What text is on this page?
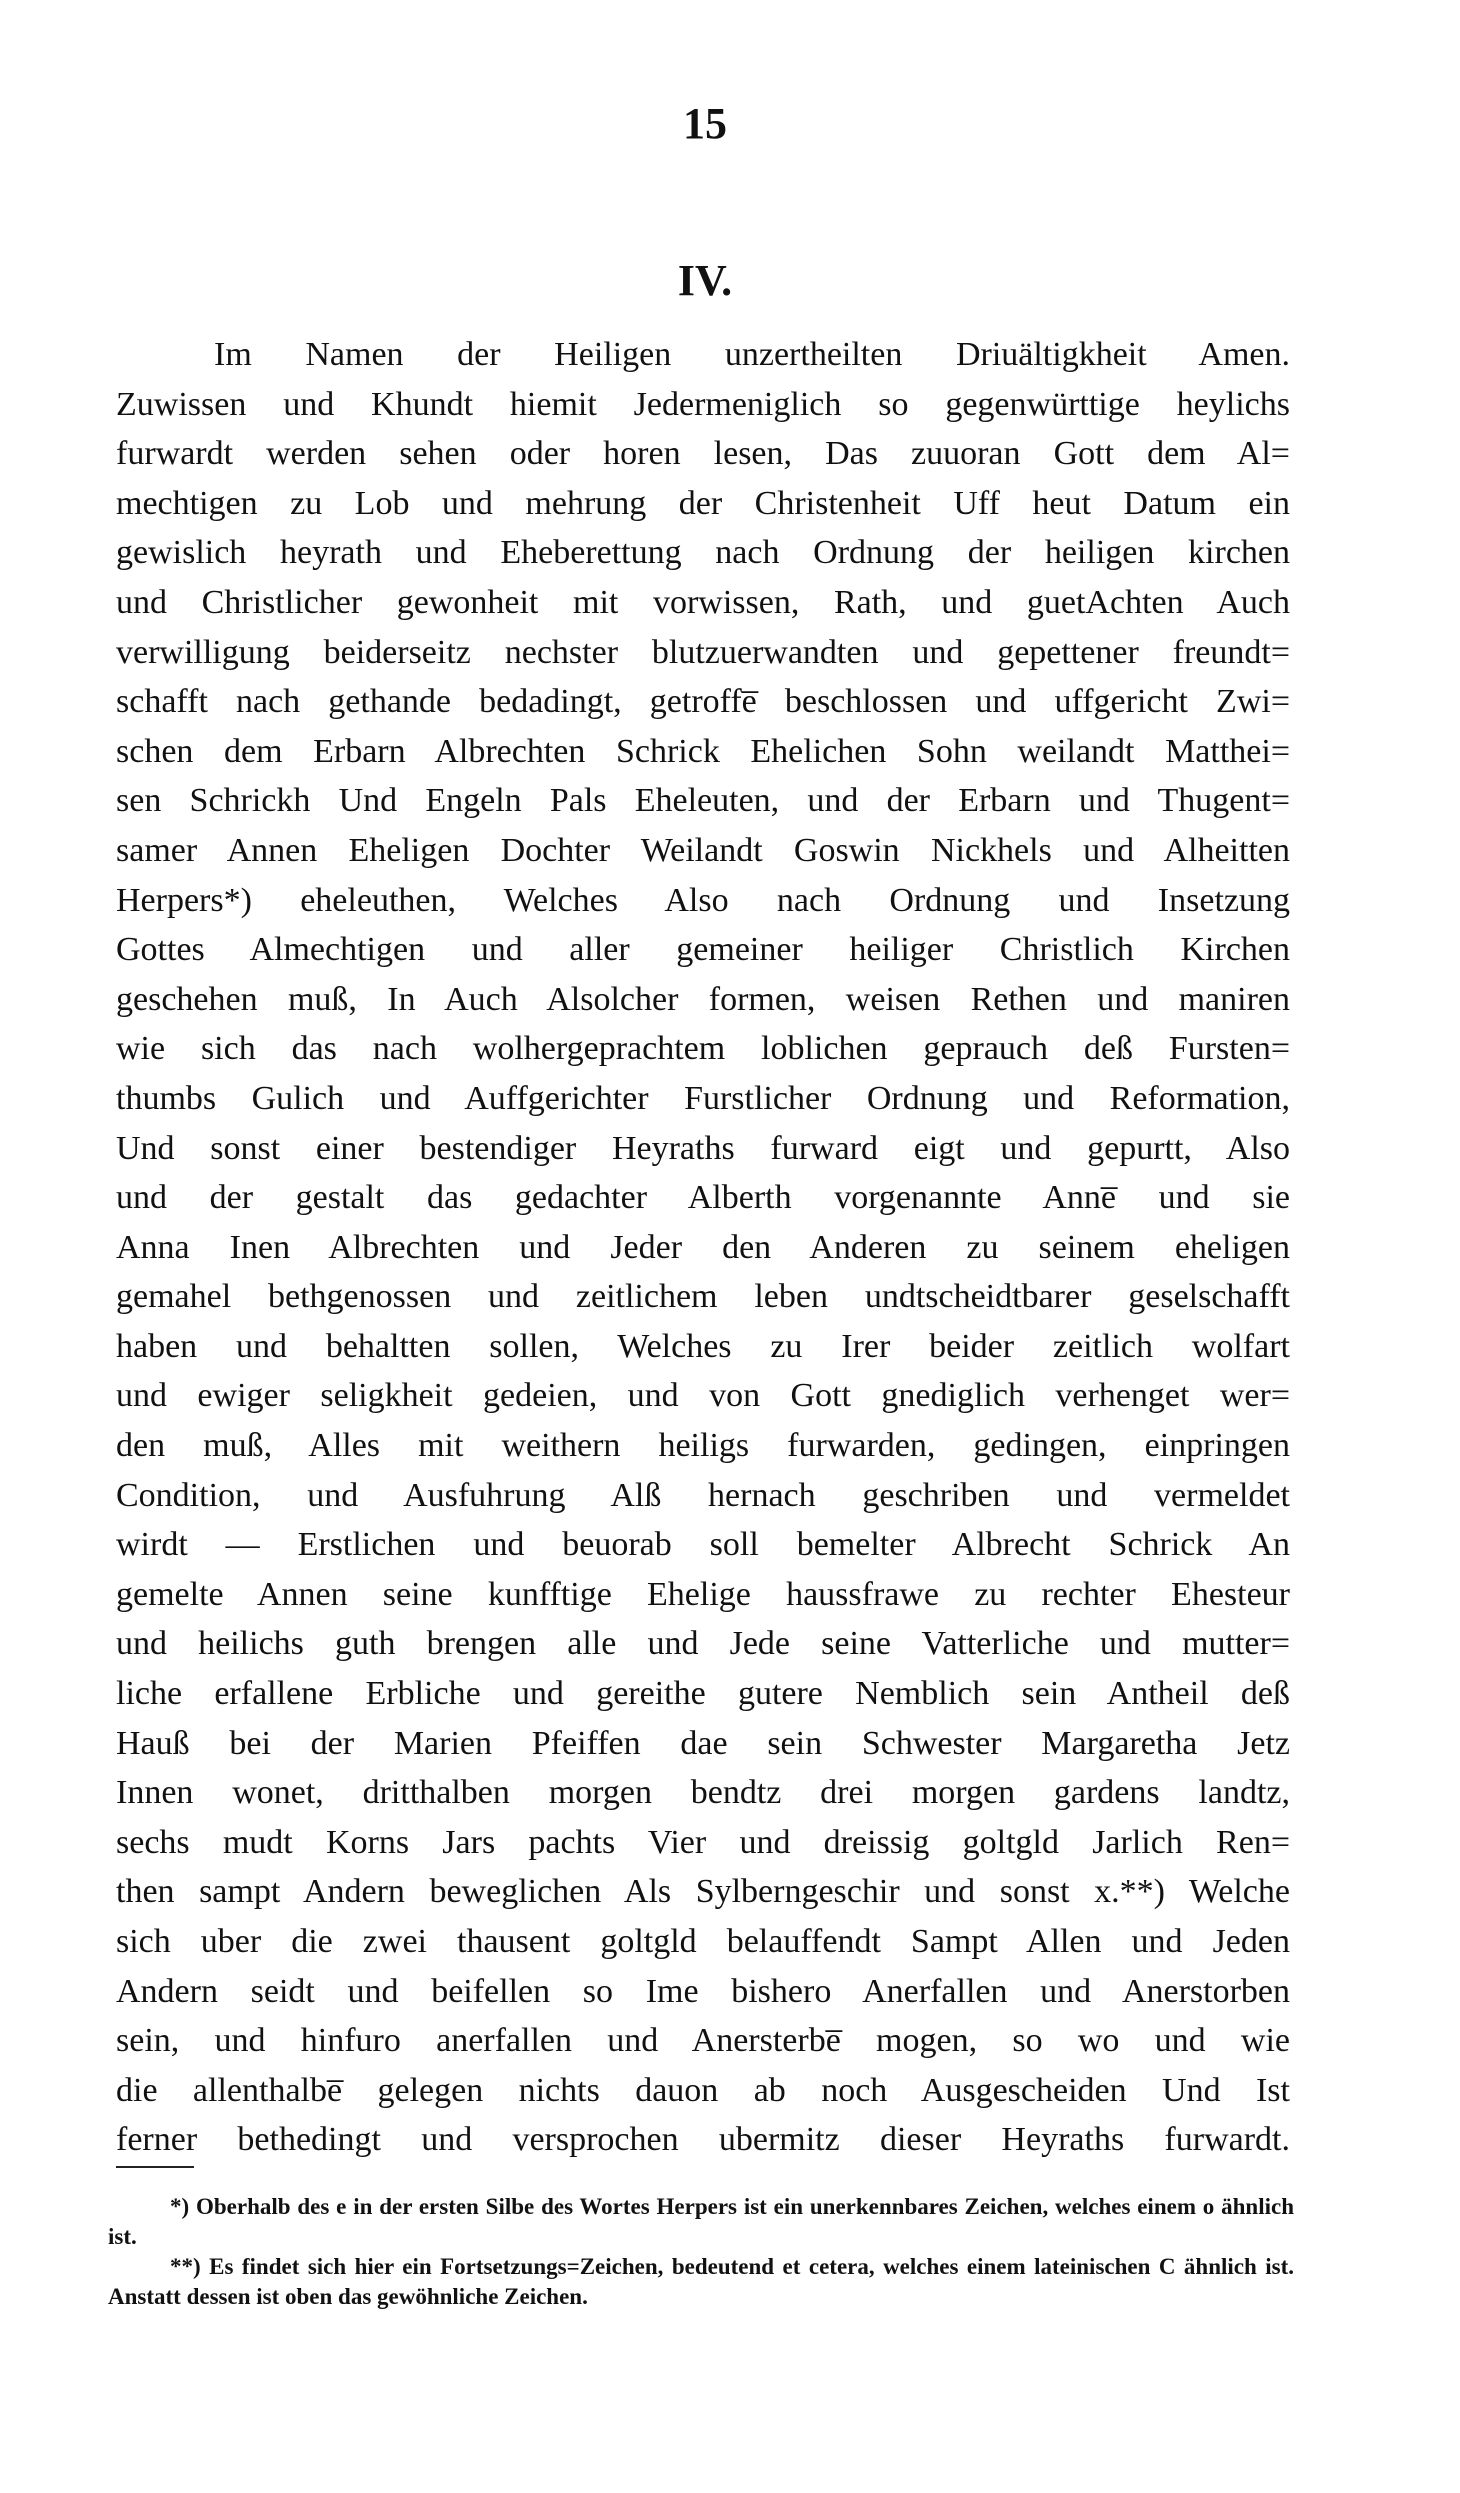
15
IV.
Im Namen der Heiligen unzertheilten Driuältigkheit Amen.
Zuwissen und Khundt hiemit Jedermeniglich so gegenwürttige heylichs
furwardt werden sehen oder horen lesen, Das zuuoran Gott dem Al=
mechtigen zu Lob und mehrung der Christenheit Uff heut Datum ein
gewislich heyrath und Eheberettung nach Ordnung der heiligen kirchen
und Christlicher gewonheit mit vorwissen, Rath, und guetAchten Auch
verwilligung beiderseitz nechster blutzuerwandten und gepettener freundt=
schafft nach gethande bedadingt, getroffe̅ beschlossen und uffgericht Zwi=
schen dem Erbarn Albrechten Schrick Ehelichen Sohn weilandt Matthei=
sen Schrickh Und Engeln Pals Eheleuten, und der Erbarn und Thugent=
samer Annen Eheligen Dochter Weilandt Goswin Nickhels und Alheitten
Herpers*) eheleuthen, Welches Also nach Ordnung und Insetzung
Gottes Almechtigen und aller gemeiner heiliger Christlich Kirchen
geschehen muß, In Auch Alsolcher formen, weisen Rethen und maniren
wie sich das nach wolhergeprachtem loblichen geprauch deß Fursten=
thumbs Gulich und Auffgerichter Furstlicher Ordnung und Reformation,
Und sonst einer bestendiger Heyraths furward eigt und gepurtt, Also
und der gestalt das gedachter Alberth vorgenannte Anne̅ und sie
Anna Inen Albrechten und Jeder den Anderen zu seinem eheligen
gemahel bethgenossen und zeitlichem leben undtscheidtbarer geselschafft
haben und behaltten sollen, Welches zu Irer beider zeitlich wolfart
und ewiger seligkheit gedeien, und von Gott gnediglich verhenget wer=
den muß, Alles mit weithern heiligs furwarden, gedingen, einpringen
Condition, und Ausfuhrung Alß hernach geschriben und vermeldet
wirdt — Erstlichen und beuorab soll bemelter Albrecht Schrick An
gemelte Annen seine kunfftige Ehelige haussfrawe zu rechter Ehesteur
und heilichs guth brengen alle und Jede seine Vatterliche und mutter=
liche erfallene Erbliche und gereithe gutere Nemblich sein Antheil deß
Hauß bei der Marien Pfeiffen dae sein Schwester Margaretha Jetz
Innen wonet, dritthalben morgen bendtz drei morgen gardens landtz,
sechs mudt Korns Jars pachts Vier und dreissig goltgld Jarlich Ren=
then sampt Andern beweglichen Als Sylberngeschir und sonst x.**) Welche
sich uber die zwei thausent goltgld belauffendt Sampt Allen und Jeden
Andern seidt und beifellen so Ime bishero Anerfallen und Anerstorben
sein, und hinfuro anerfallen und Anersterbe̅ mogen, so wo und wie
die allenthalbe̅ gelegen nichts dauon ab noch Ausgescheiden Und Ist
ferner bethedingt und versprochen ubermitz dieser Heyraths furwardt.
*) Oberhalb des e in der ersten Silbe des Wortes Herpers ist ein unerkennbares Zeichen, welches einem o ähnlich ist.
**) Es findet sich hier ein Fortsetzungs=Zeichen, bedeutend et cetera, welches einem lateinischen C ähnlich ist. Anstatt dessen ist oben das gewöhnliche Zeichen.
